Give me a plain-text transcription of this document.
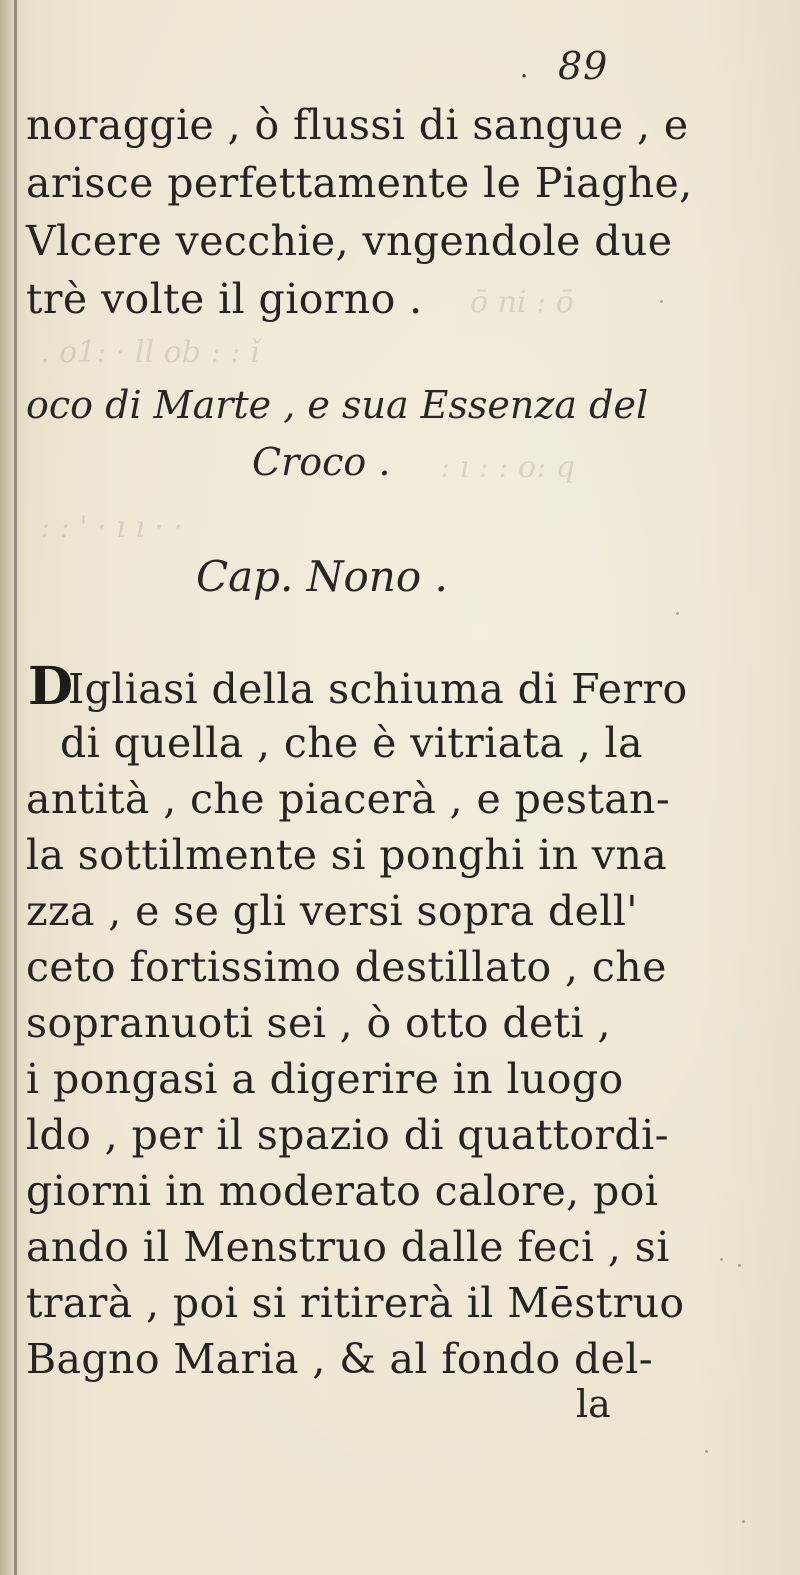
ō ni : ō
. o1: · ll ob : : ǐ
: ı : : o: q
: : ' · ı ı · ·
· 89
noraggie , ò flussi di sangue , e
arisce perfettamente le Piaghe,
Vlcere vecchie, vngendole due
trè volte il giorno .
oco di Marte , e sua Essenza del
Croco .
Cap. Nono .
D
Igliasi della schiuma di Ferro
di quella , che è vitriata , la
antità , che piacerà , e pestan-
la sottilmente si ponghi in vna
zza , e se gli versi sopra dell'
ceto fortissimo destillato , che
sopranuoti sei , ò otto deti ,
i pongasi a digerire in luogo
ldo , per il spazio di quattordi-
giorni in moderato calore, poi
ando il Menstruo dalle feci , si
trarà , poi si ritirerà il Mēstruo
Bagno Maria , & al fondo del-
la
